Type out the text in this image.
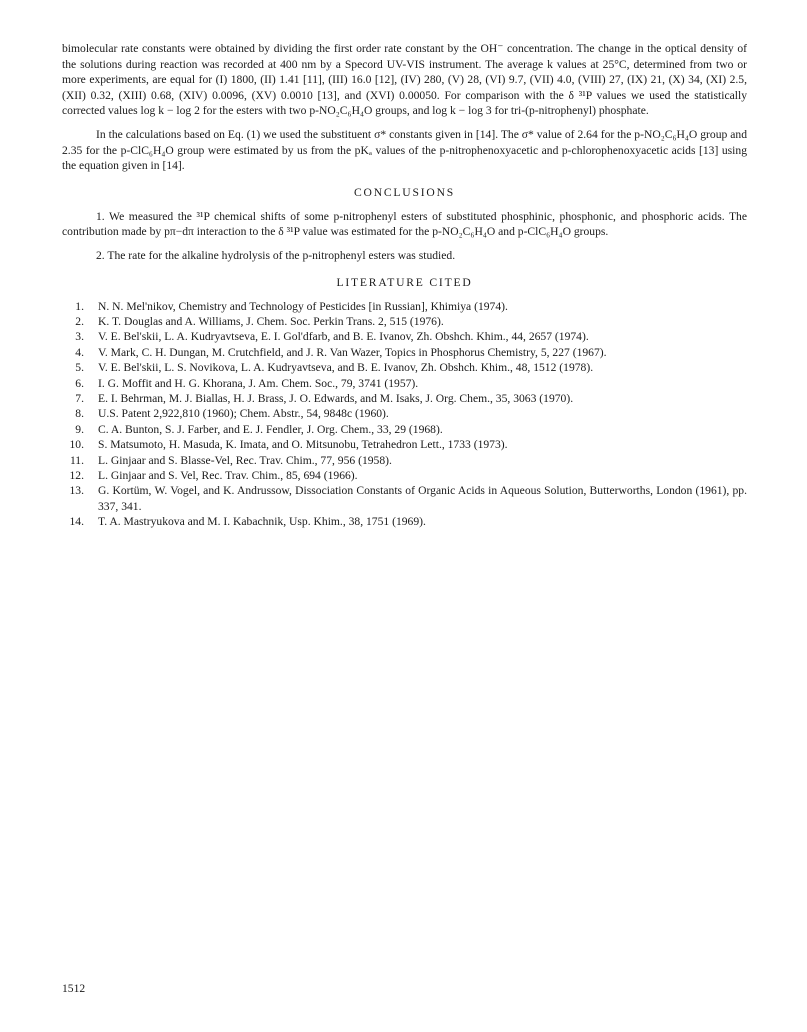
bimolecular rate constants were obtained by dividing the first order rate constant by the OH⁻ concentration. The change in the optical density of the solutions during reaction was recorded at 400 nm by a Specord UV-VIS instrument. The average k values at 25°C, determined from two or more experiments, are equal for (I) 1800, (II) 1.41 [11], (III) 16.0 [12], (IV) 280, (V) 28, (VI) 9.7, (VII) 4.0, (VIII) 27, (IX) 21, (X) 34, (XI) 2.5, (XII) 0.32, (XIII) 0.68, (XIV) 0.0096, (XV) 0.0010 [13], and (XVI) 0.00050. For comparison with the δ ³¹P values we used the statistically corrected values log k − log 2 for the esters with two p-NO₂C₆H₄O groups, and log k − log 3 for tri-(p-nitrophenyl) phosphate.

In the calculations based on Eq. (1) we used the substituent σ* constants given in [14]. The σ* value of 2.64 for the p-NO₂C₆H₄O group and 2.35 for the p-ClC₆H₄O group were estimated by us from the pKₐ values of the p-nitrophenoxyacetic and p-chlorophenoxyacetic acids [13] using the equation given in [14].

CONCLUSIONS

1. We measured the ³¹P chemical shifts of some p-nitrophenyl esters of substituted phosphinic, phosphonic, and phosphoric acids. The contribution made by pπ−dπ interaction to the δ ³¹P value was estimated for the p-NO₂C₆H₄O and p-ClC₆H₄O groups.

2. The rate for the alkaline hydrolysis of the p-nitrophenyl esters was studied.

LITERATURE CITED
1. N. N. Mel'nikov, Chemistry and Technology of Pesticides [in Russian], Khimiya (1974).
2. K. T. Douglas and A. Williams, J. Chem. Soc. Perkin Trans. 2, 515 (1976).
3. V. E. Bel'skii, L. A. Kudryavtseva, E. I. Gol'dfarb, and B. E. Ivanov, Zh. Obshch. Khim., 44, 2657 (1974).
4. V. Mark, C. H. Dungan, M. Crutchfield, and J. R. Van Wazer, Topics in Phosphorus Chemistry, 5, 227 (1967).
5. V. E. Bel'skii, L. S. Novikova, L. A. Kudryavtseva, and B. E. Ivanov, Zh. Obshch. Khim., 48, 1512 (1978).
6. I. G. Moffit and H. G. Khorana, J. Am. Chem. Soc., 79, 3741 (1957).
7. E. I. Behrman, M. J. Biallas, H. J. Brass, J. O. Edwards, and M. Isaks, J. Org. Chem., 35, 3063 (1970).
8. U.S. Patent 2,922,810 (1960); Chem. Abstr., 54, 9848c (1960).
9. C. A. Bunton, S. J. Farber, and E. J. Fendler, J. Org. Chem., 33, 29 (1968).
10. S. Matsumoto, H. Masuda, K. Imata, and O. Mitsunobu, Tetrahedron Lett., 1733 (1973).
11. L. Ginjaar and S. Blasse-Vel, Rec. Trav. Chim., 77, 956 (1958).
12. L. Ginjaar and S. Vel, Rec. Trav. Chim., 85, 694 (1966).
13. G. Kortüm, W. Vogel, and K. Andrussow, Dissociation Constants of Organic Acids in Aqueous Solution, Butterworths, London (1961), pp. 337, 341.
14. T. A. Mastryukova and M. I. Kabachnik, Usp. Khim., 38, 1751 (1969).
1512
